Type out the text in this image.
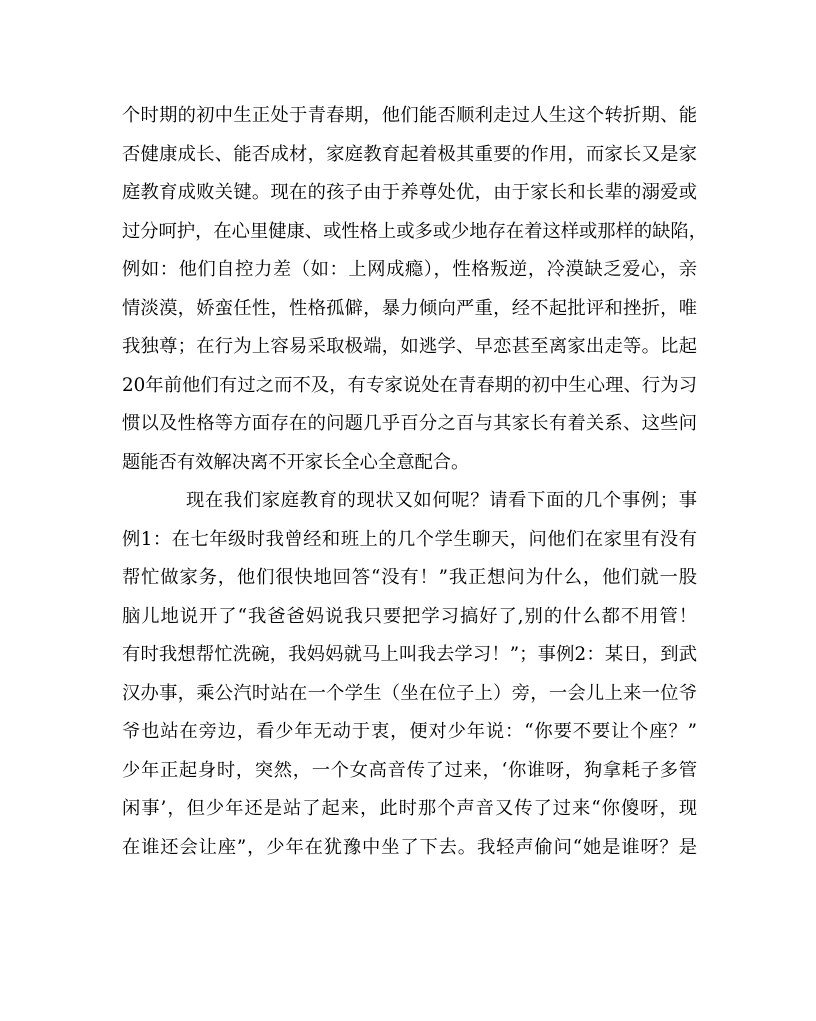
个时期的初中生正处于青春期，他们能否顺利走过人生这个转折期、能
否健康成长、能否成材，家庭教育起着极其重要的作用，而家长又是家
庭教育成败关键。现在的孩子由于养尊处优，由于家长和长辈的溺爱或
过分呵护，在心里健康、或性格上或多或少地存在着这样或那样的缺陷，
例如：他们自控力差（如：上网成瘾），性格叛逆，冷漠缺乏爱心，亲
情淡漠，娇蛮任性，性格孤僻，暴力倾向严重，经不起批评和挫折，唯
我独尊；在行为上容易采取极端，如逃学、早恋甚至离家出走等。比起
20年前他们有过之而不及，有专家说处在青春期的初中生心理、行为习
惯以及性格等方面存在的问题几乎百分之百与其家长有着关系、这些问
题能否有效解决离不开家长全心全意配合。
现在我们家庭教育的现状又如何呢？请看下面的几个事例；事
例1：在七年级时我曾经和班上的几个学生聊天，问他们在家里有没有
帮忙做家务，他们很快地回答“没有！”我正想问为什么，他们就一股
脑儿地说开了“我爸爸妈说我只要把学习搞好了,别的什么都不用管！
有时我想帮忙洗碗，我妈妈就马上叫我去学习！”；事例2：某日，到武
汉办事，乘公汽时站在一个学生（坐在位子上）旁，一会儿上来一位爷
爷也站在旁边，看少年无动于衷，便对少年说：“你要不要让个座？”
少年正起身时，突然，一个女高音传了过来，‘你谁呀，狗拿耗子多管
闲事’，但少年还是站了起来，此时那个声音又传了过来“你傻呀，现
在谁还会让座”，少年在犹豫中坐了下去。我轻声偷问“她是谁呀？是
